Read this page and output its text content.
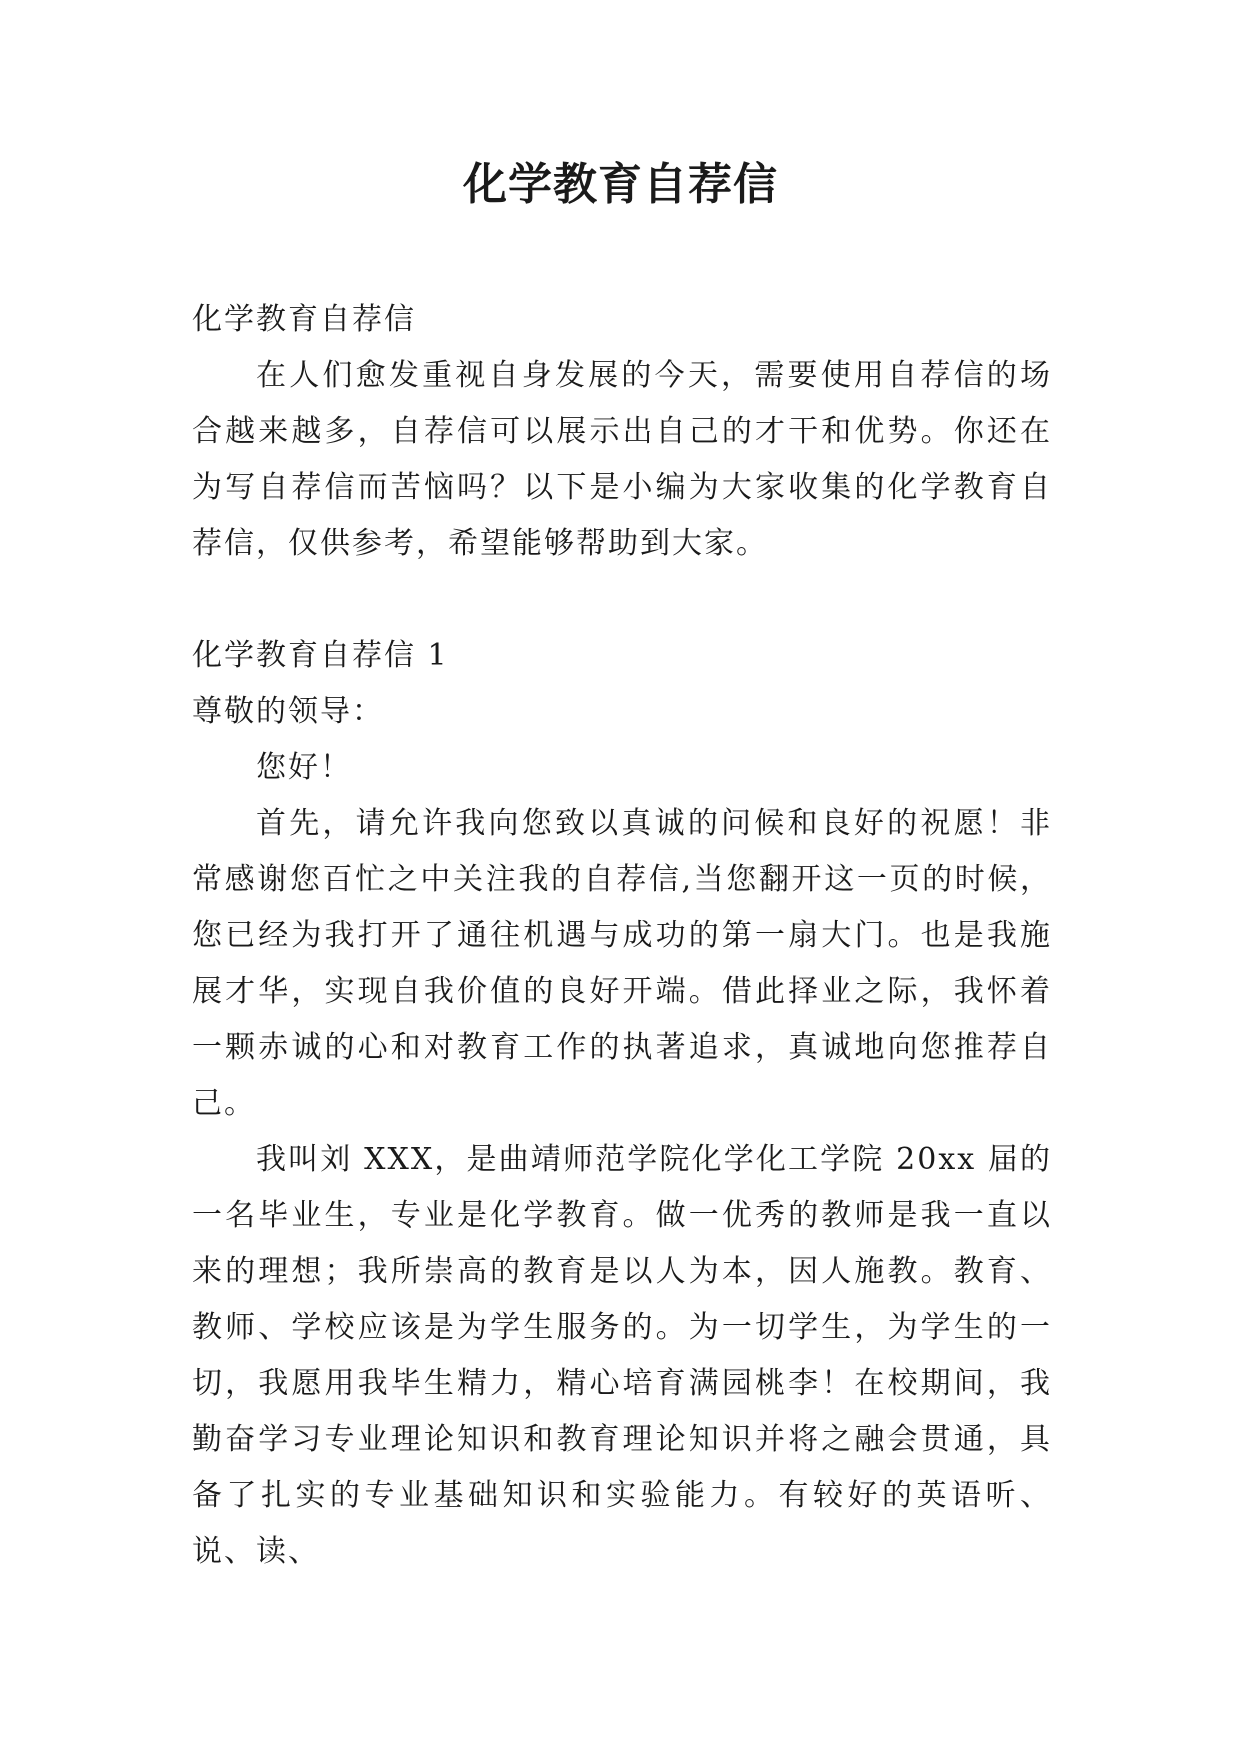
化学教育自荐信

化学教育自荐信

在人们愈发重视自身发展的今天，需要使用自荐信的场合越来越多，自荐信可以展示出自己的才干和优势。你还在为写自荐信而苦恼吗？以下是小编为大家收集的化学教育自荐信，仅供参考，希望能够帮助到大家。

化学教育自荐信 1

尊敬的领导：

您好！

首先，请允许我向您致以真诚的问候和良好的祝愿！非常感谢您百忙之中关注我的自荐信,当您翻开这一页的时候，您已经为我打开了通往机遇与成功的第一扇大门。也是我施展才华，实现自我价值的良好开端。借此择业之际，我怀着一颗赤诚的心和对教育工作的执著追求，真诚地向您推荐自己。

我叫刘 XXX，是曲靖师范学院化学化工学院 20xx 届的一名毕业生，专业是化学教育。做一优秀的教师是我一直以来的理想；我所崇高的教育是以人为本，因人施教。教育、教师、学校应该是为学生服务的。为一切学生，为学生的一切，我愿用我毕生精力，精心培育满园桃李！在校期间，我勤奋学习专业理论知识和教育理论知识并将之融会贯通，具备了扎实的专业基础知识和实验能力。有较好的英语听、说、读、
